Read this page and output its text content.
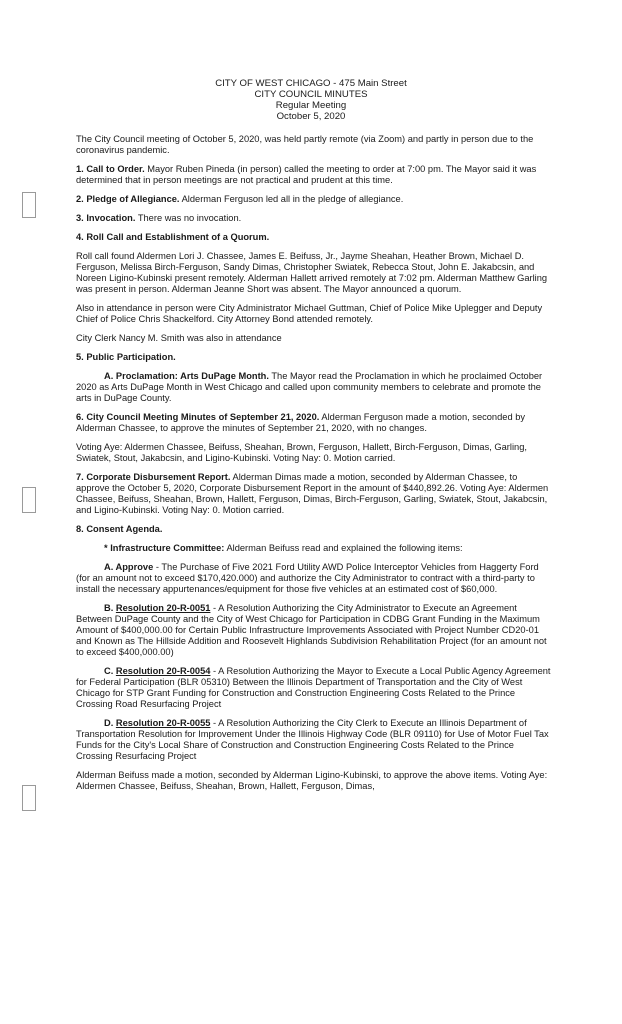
CITY OF WEST CHICAGO - 475 Main Street
CITY COUNCIL MINUTES
Regular Meeting
October 5, 2020

The City Council meeting of October 5, 2020, was held partly remote (via Zoom) and partly in person due to the coronavirus pandemic.

1. Call to Order. Mayor Ruben Pineda (in person) called the meeting to order at 7:00 pm. The Mayor said it was determined that in person meetings are not practical and prudent at this time.

2. Pledge of Allegiance. Alderman Ferguson led all in the pledge of allegiance.

3. Invocation. There was no invocation.

4. Roll Call and Establishment of a Quorum.

Roll call found Aldermen Lori J. Chassee, James E. Beifuss, Jr., Jayme Sheahan, Heather Brown, Michael D. Ferguson, Melissa Birch-Ferguson, Sandy Dimas, Christopher Swiatek, Rebecca Stout, John E. Jakabcsin, and Noreen Ligino-Kubinski present remotely. Alderman Hallett arrived remotely at 7:02 pm. Alderman Matthew Garling was present in person. Alderman Jeanne Short was absent. The Mayor announced a quorum.

Also in attendance in person were City Administrator Michael Guttman, Chief of Police Mike Uplegger and Deputy Chief of Police Chris Shackelford. City Attorney Bond attended remotely.

City Clerk Nancy M. Smith was also in attendance

5. Public Participation.

A. Proclamation: Arts DuPage Month. The Mayor read the Proclamation in which he proclaimed October 2020 as Arts DuPage Month in West Chicago and called upon community members to celebrate and promote the arts in DuPage County.

6. City Council Meeting Minutes of September 21, 2020. Alderman Ferguson made a motion, seconded by Alderman Chassee, to approve the minutes of September 21, 2020, with no changes.

Voting Aye: Aldermen Chassee, Beifuss, Sheahan, Brown, Ferguson, Hallett, Birch-Ferguson, Dimas, Garling, Swiatek, Stout, Jakabcsin, and Ligino-Kubinski. Voting Nay: 0. Motion carried.

7. Corporate Disbursement Report. Alderman Dimas made a motion, seconded by Alderman Chassee, to approve the October 5, 2020, Corporate Disbursement Report in the amount of $440,892.26. Voting Aye: Aldermen Chassee, Beifuss, Sheahan, Brown, Hallett, Ferguson, Dimas, Birch-Ferguson, Garling, Swiatek, Stout, Jakabcsin, and Ligino-Kubinski. Voting Nay: 0. Motion carried.

8. Consent Agenda.

* Infrastructure Committee: Alderman Beifuss read and explained the following items:

A. Approve - The Purchase of Five 2021 Ford Utility AWD Police Interceptor Vehicles from Haggerty Ford (for an amount not to exceed $170,420.000) and authorize the City Administrator to contract with a third-party to install the necessary appurtenances/equipment for those five vehicles at an estimated cost of $60,000.

B. Resolution 20-R-0051 - A Resolution Authorizing the City Administrator to Execute an Agreement Between DuPage County and the City of West Chicago for Participation in CDBG Grant Funding in the Maximum Amount of $400,000.00 for Certain Public Infrastructure Improvements Associated with Project Number CD20-01 and Known as The Hillside Addition and Roosevelt Highlands Subdivision Rehabilitation Project (for an amount not to exceed $400,000.00)

C. Resolution 20-R-0054 - A Resolution Authorizing the Mayor to Execute a Local Public Agency Agreement for Federal Participation (BLR 05310) Between the Illinois Department of Transportation and the City of West Chicago for STP Grant Funding for Construction and Construction Engineering Costs Related to the Prince Crossing Road Resurfacing Project

D. Resolution 20-R-0055 - A Resolution Authorizing the City Clerk to Execute an Illinois Department of Transportation Resolution for Improvement Under the Illinois Highway Code (BLR 09110) for Use of Motor Fuel Tax Funds for the City's Local Share of Construction and Construction Engineering Costs Related to the Prince Crossing Resurfacing Project

Alderman Beifuss made a motion, seconded by Alderman Ligino-Kubinski, to approve the above items. Voting Aye: Aldermen Chassee, Beifuss, Sheahan, Brown, Hallett, Ferguson, Dimas,
